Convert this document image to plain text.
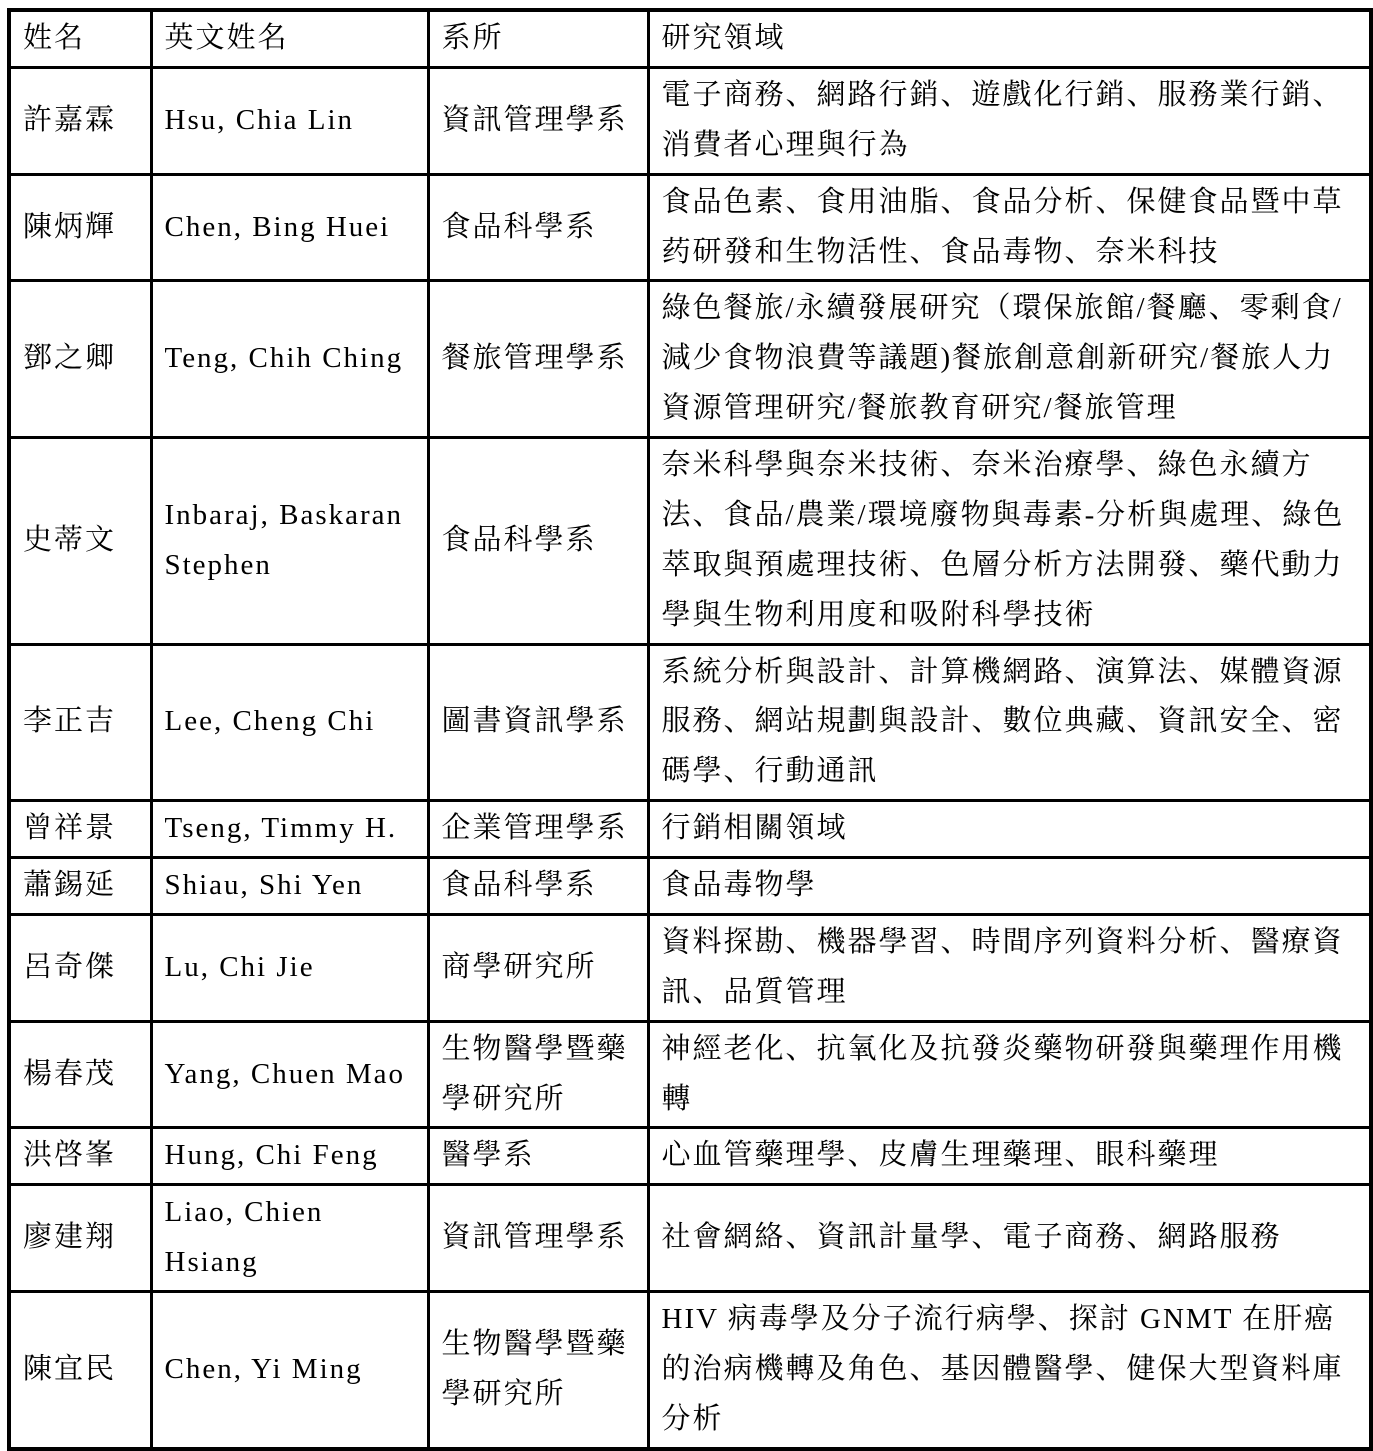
姓名	英文姓名	系所	研究領域
許嘉霖	Hsu, Chia Lin	資訊管理學系	電子商務、網路行銷、遊戲化行銷、服務業行銷、消費者心理與行為
陳炳輝	Chen, Bing Huei	食品科學系	食品色素、食用油脂、食品分析、保健食品暨中草药研發和生物活性、食品毒物、奈米科技
鄧之卿	Teng, Chih Ching	餐旅管理學系	綠色餐旅/永續發展研究（環保旅館/餐廳、零剩食/減少食物浪費等議題)餐旅創意創新研究/餐旅人力資源管理研究/餐旅教育研究/餐旅管理
史蒂文	Inbaraj, Baskaran Stephen	食品科學系	奈米科學與奈米技術、奈米治療學、綠色永續方法、食品/農業/環境廢物與毒素-分析與處理、綠色萃取與預處理技術、色層分析方法開發、藥代動力學與生物利用度和吸附科學技術
李正吉	Lee, Cheng Chi	圖書資訊學系	系統分析與設計、計算機網路、演算法、媒體資源服務、網站規劃與設計、數位典藏、資訊安全、密碼學、行動通訊
曾祥景	Tseng, Timmy H.	企業管理學系	行銷相關領域
蕭錫延	Shiau, Shi Yen	食品科學系	食品毒物學
呂奇傑	Lu, Chi Jie	商學研究所	資料探勘、機器學習、時間序列資料分析、醫療資訊、品質管理
楊春茂	Yang, Chuen Mao	生物醫學暨藥學研究所	神經老化、抗氧化及抗發炎藥物研發與藥理作用機轉
洪啓峯	Hung, Chi Feng	醫學系	心血管藥理學、皮膚生理藥理、眼科藥理
廖建翔	Liao, Chien Hsiang	資訊管理學系	社會網絡、資訊計量學、電子商務、網路服務
陳宜民	Chen, Yi Ming	生物醫學暨藥學研究所	HIV 病毒學及分子流行病學、探討 GNMT 在肝癌的治病機轉及角色、基因體醫學、健保大型資料庫分析
